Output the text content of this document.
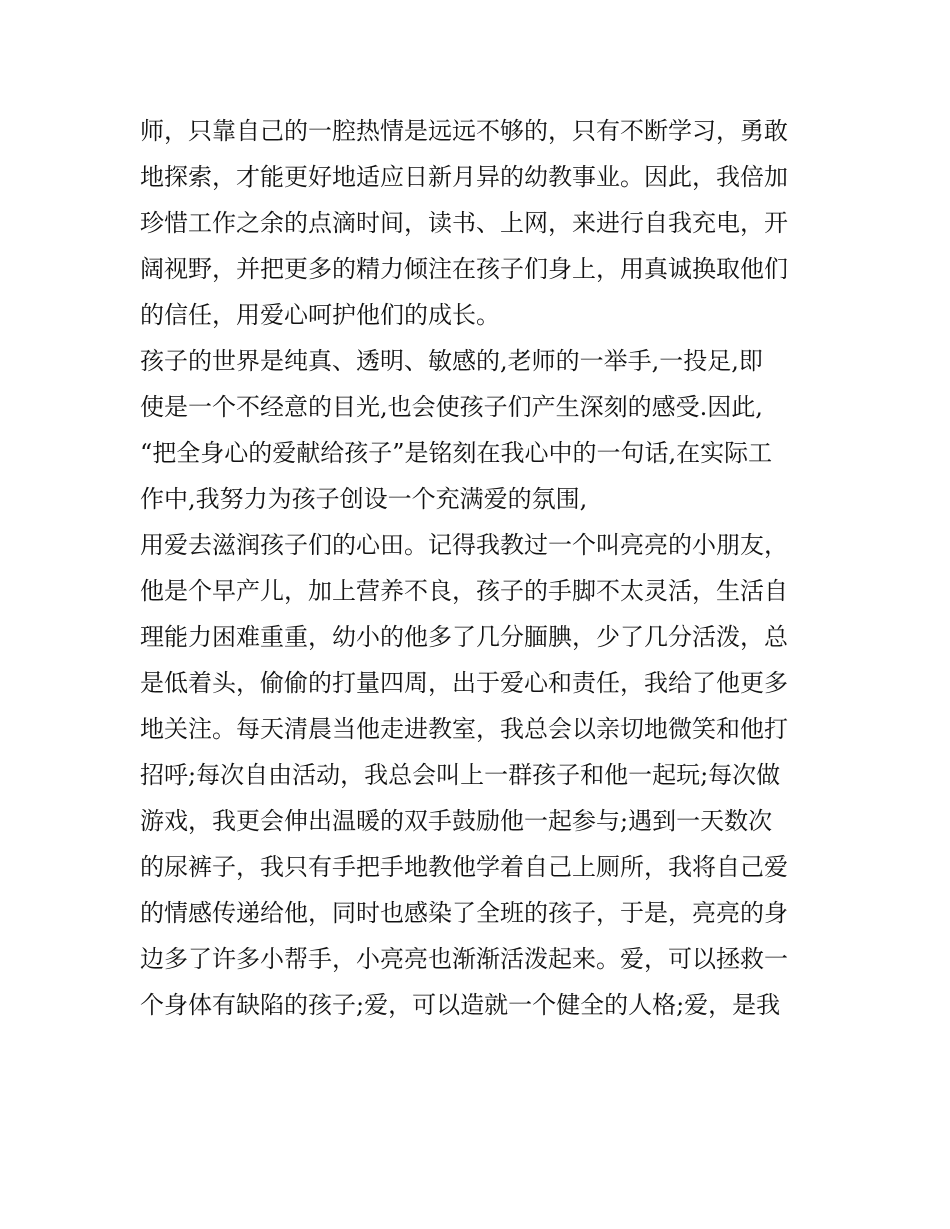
师，只靠自己的一腔热情是远远不够的，只有不断学习，勇敢
地探索，才能更好地适应日新月异的幼教事业。因此，我倍加
珍惜工作之余的点滴时间，读书、上网，来进行自我充电，开
阔视野，并把更多的精力倾注在孩子们身上，用真诚换取他们
的信任，用爱心呵护他们的成长。
孩子的世界是纯真、透明、敏感的,老师的一举手,一投足,即
使是一个不经意的目光,也会使孩子们产生深刻的感受.因此,
“把全身心的爱献给孩子”是铭刻在我心中的一句话,在实际工
作中,我努力为孩子创设一个充满爱的氛围,
用爱去滋润孩子们的心田。记得我教过一个叫亮亮的小朋友，
他是个早产儿，加上营养不良，孩子的手脚不太灵活，生活自
理能力困难重重，幼小的他多了几分腼腆，少了几分活泼，总
是低着头，偷偷的打量四周，出于爱心和责任，我给了他更多
地关注。每天清晨当他走进教室，我总会以亲切地微笑和他打
招呼;每次自由活动，我总会叫上一群孩子和他一起玩;每次做
游戏，我更会伸出温暖的双手鼓励他一起参与;遇到一天数次
的尿裤子，我只有手把手地教他学着自己上厕所，我将自己爱
的情感传递给他，同时也感染了全班的孩子，于是，亮亮的身
边多了许多小帮手，小亮亮也渐渐活泼起来。爱，可以拯救一
个身体有缺陷的孩子;爱，可以造就一个健全的人格;爱，是我
